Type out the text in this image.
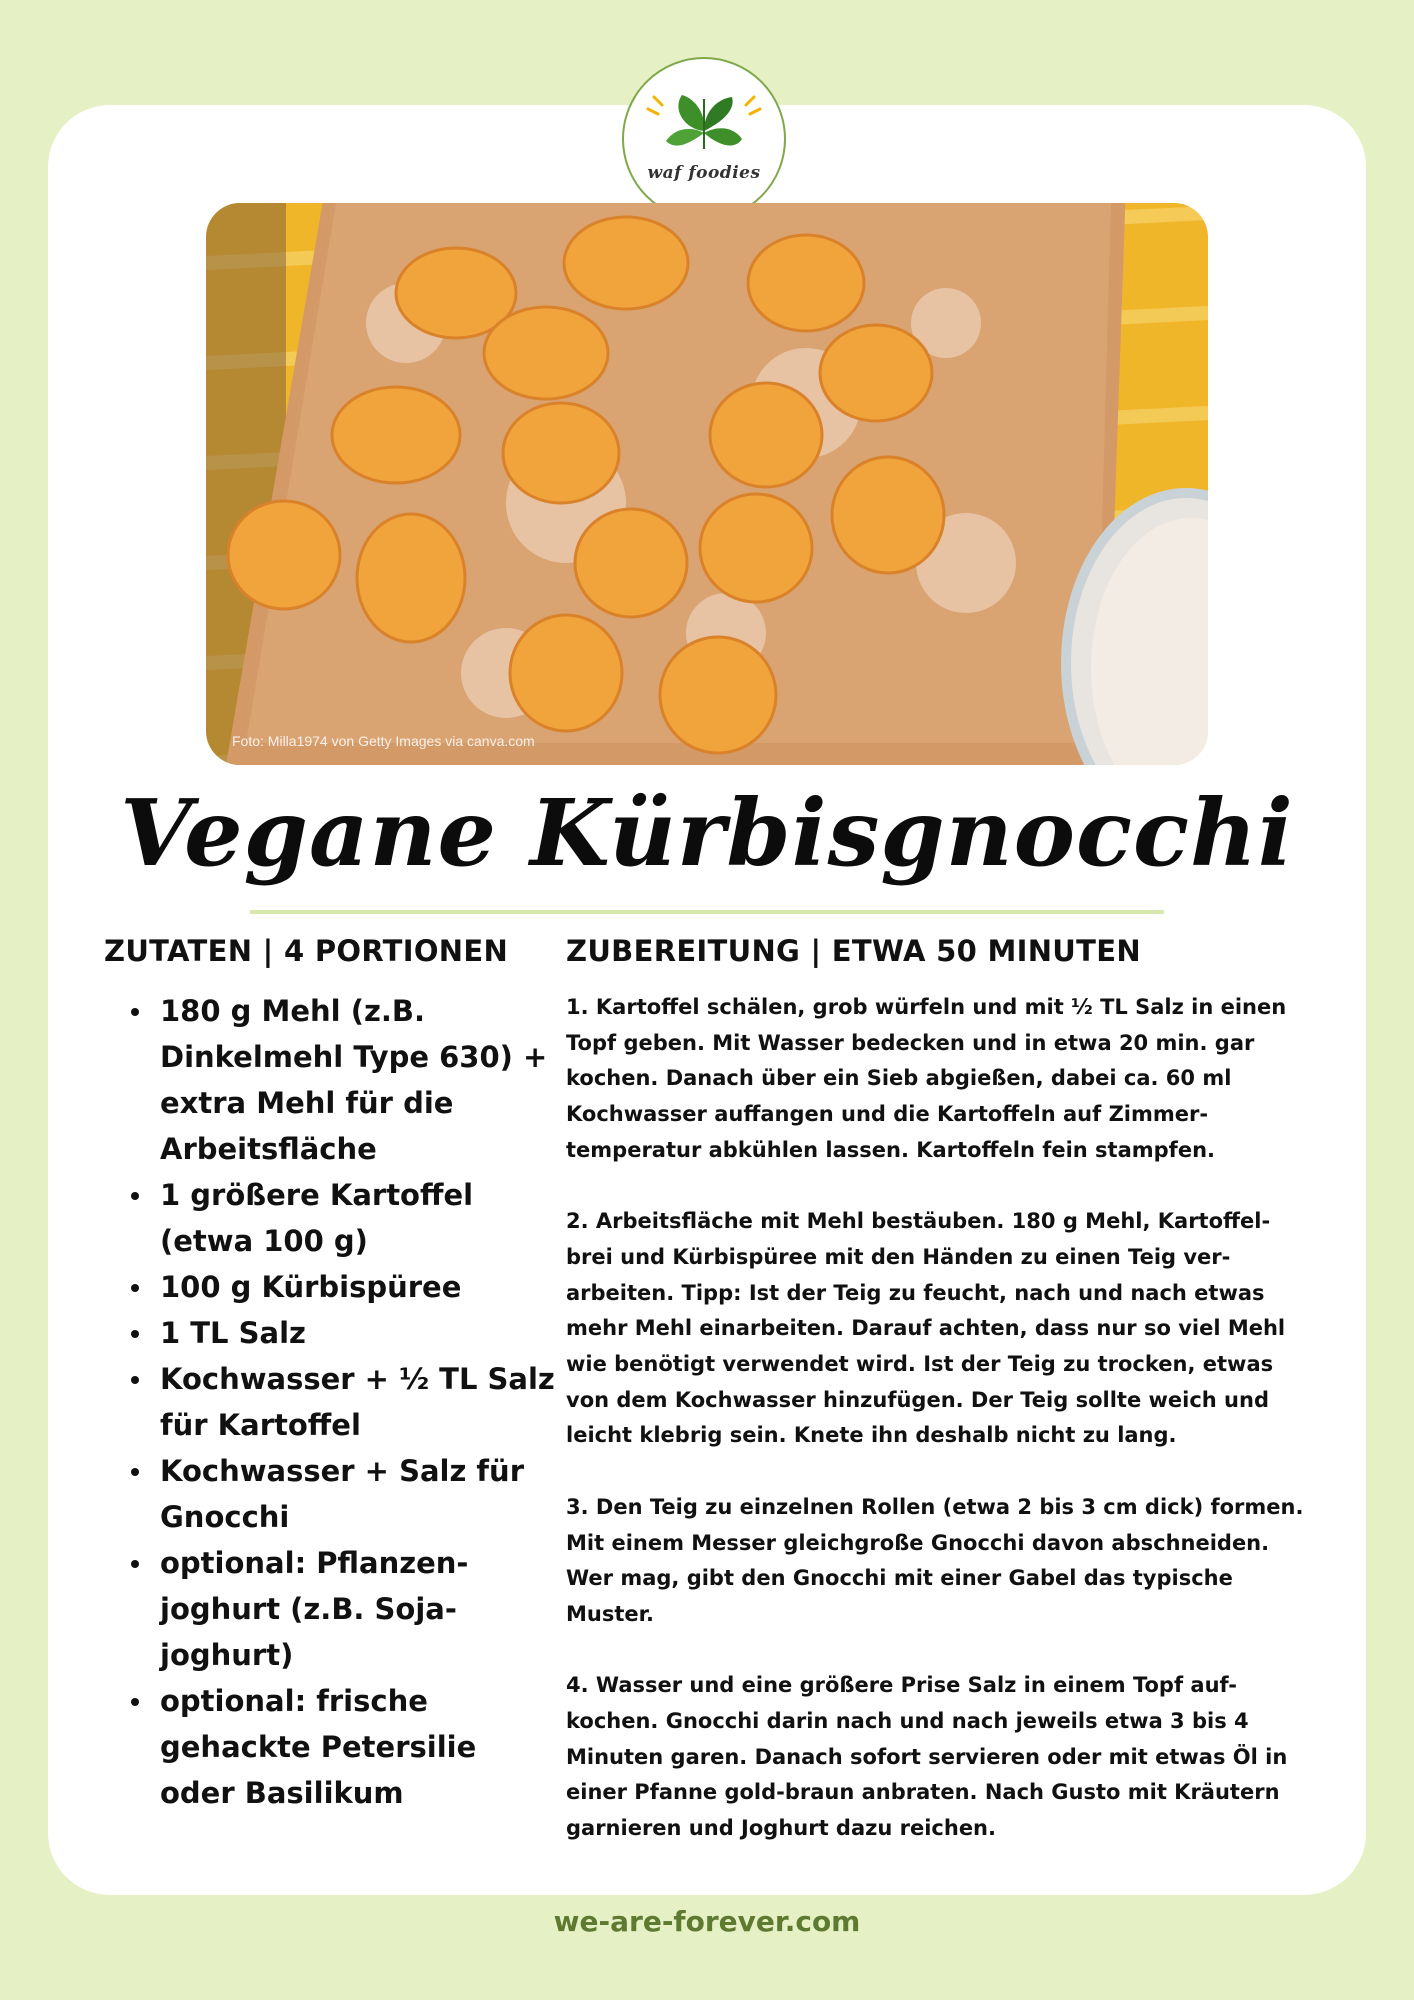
waf foodies
Foto: Milla1974 von Getty Images via canva.com
Vegane Kürbisgnocchi
ZUTATEN | 4 PORTIONEN
180 g Mehl (z.B. Dinkelmehl Type 630) + extra Mehl für die Arbeitsfläche
1 größere Kartoffel (etwa 100 g)
100 g Kürbispüree
1 TL Salz
Kochwasser + ½ TL Salz für Kartoffel
Kochwasser + Salz für Gnocchi
optional: Pflanzen-joghurt (z.B. Soja-joghurt)
optional: frische gehackte Petersilie oder Basilikum
ZUBEREITUNG | ETWA 50 MINUTEN

1. Kartoffel schälen, grob würfeln und mit ½ TL Salz in einen
Topf geben. Mit Wasser bedecken und in etwa 20 min. gar
kochen. Danach über ein Sieb abgießen, dabei ca. 60 ml
Kochwasser auffangen und die Kartoffeln auf Zimmer-
temperatur abkühlen lassen. Kartoffeln fein stampfen.

2. Arbeitsfläche mit Mehl bestäuben. 180 g Mehl, Kartoffel-
brei und Kürbispüree mit den Händen zu einen Teig ver-
arbeiten. Tipp: Ist der Teig zu feucht, nach und nach etwas
mehr Mehl einarbeiten. Darauf achten, dass nur so viel Mehl
wie benötigt verwendet wird. Ist der Teig zu trocken, etwas
von dem Kochwasser hinzufügen. Der Teig sollte weich und
leicht klebrig sein. Knete ihn deshalb nicht zu lang.

3. Den Teig zu einzelnen Rollen (etwa 2 bis 3 cm dick) formen.
Mit einem Messer gleichgroße Gnocchi davon abschneiden.
Wer mag, gibt den Gnocchi mit einer Gabel das typische
Muster.

4. Wasser und eine größere Prise Salz in einem Topf auf-
kochen. Gnocchi darin nach und nach jeweils etwa 3 bis 4
Minuten garen. Danach sofort servieren oder mit etwas Öl in
einer Pfanne gold-braun anbraten. Nach Gusto mit Kräutern
garnieren und Joghurt dazu reichen.

we-are-forever.com
